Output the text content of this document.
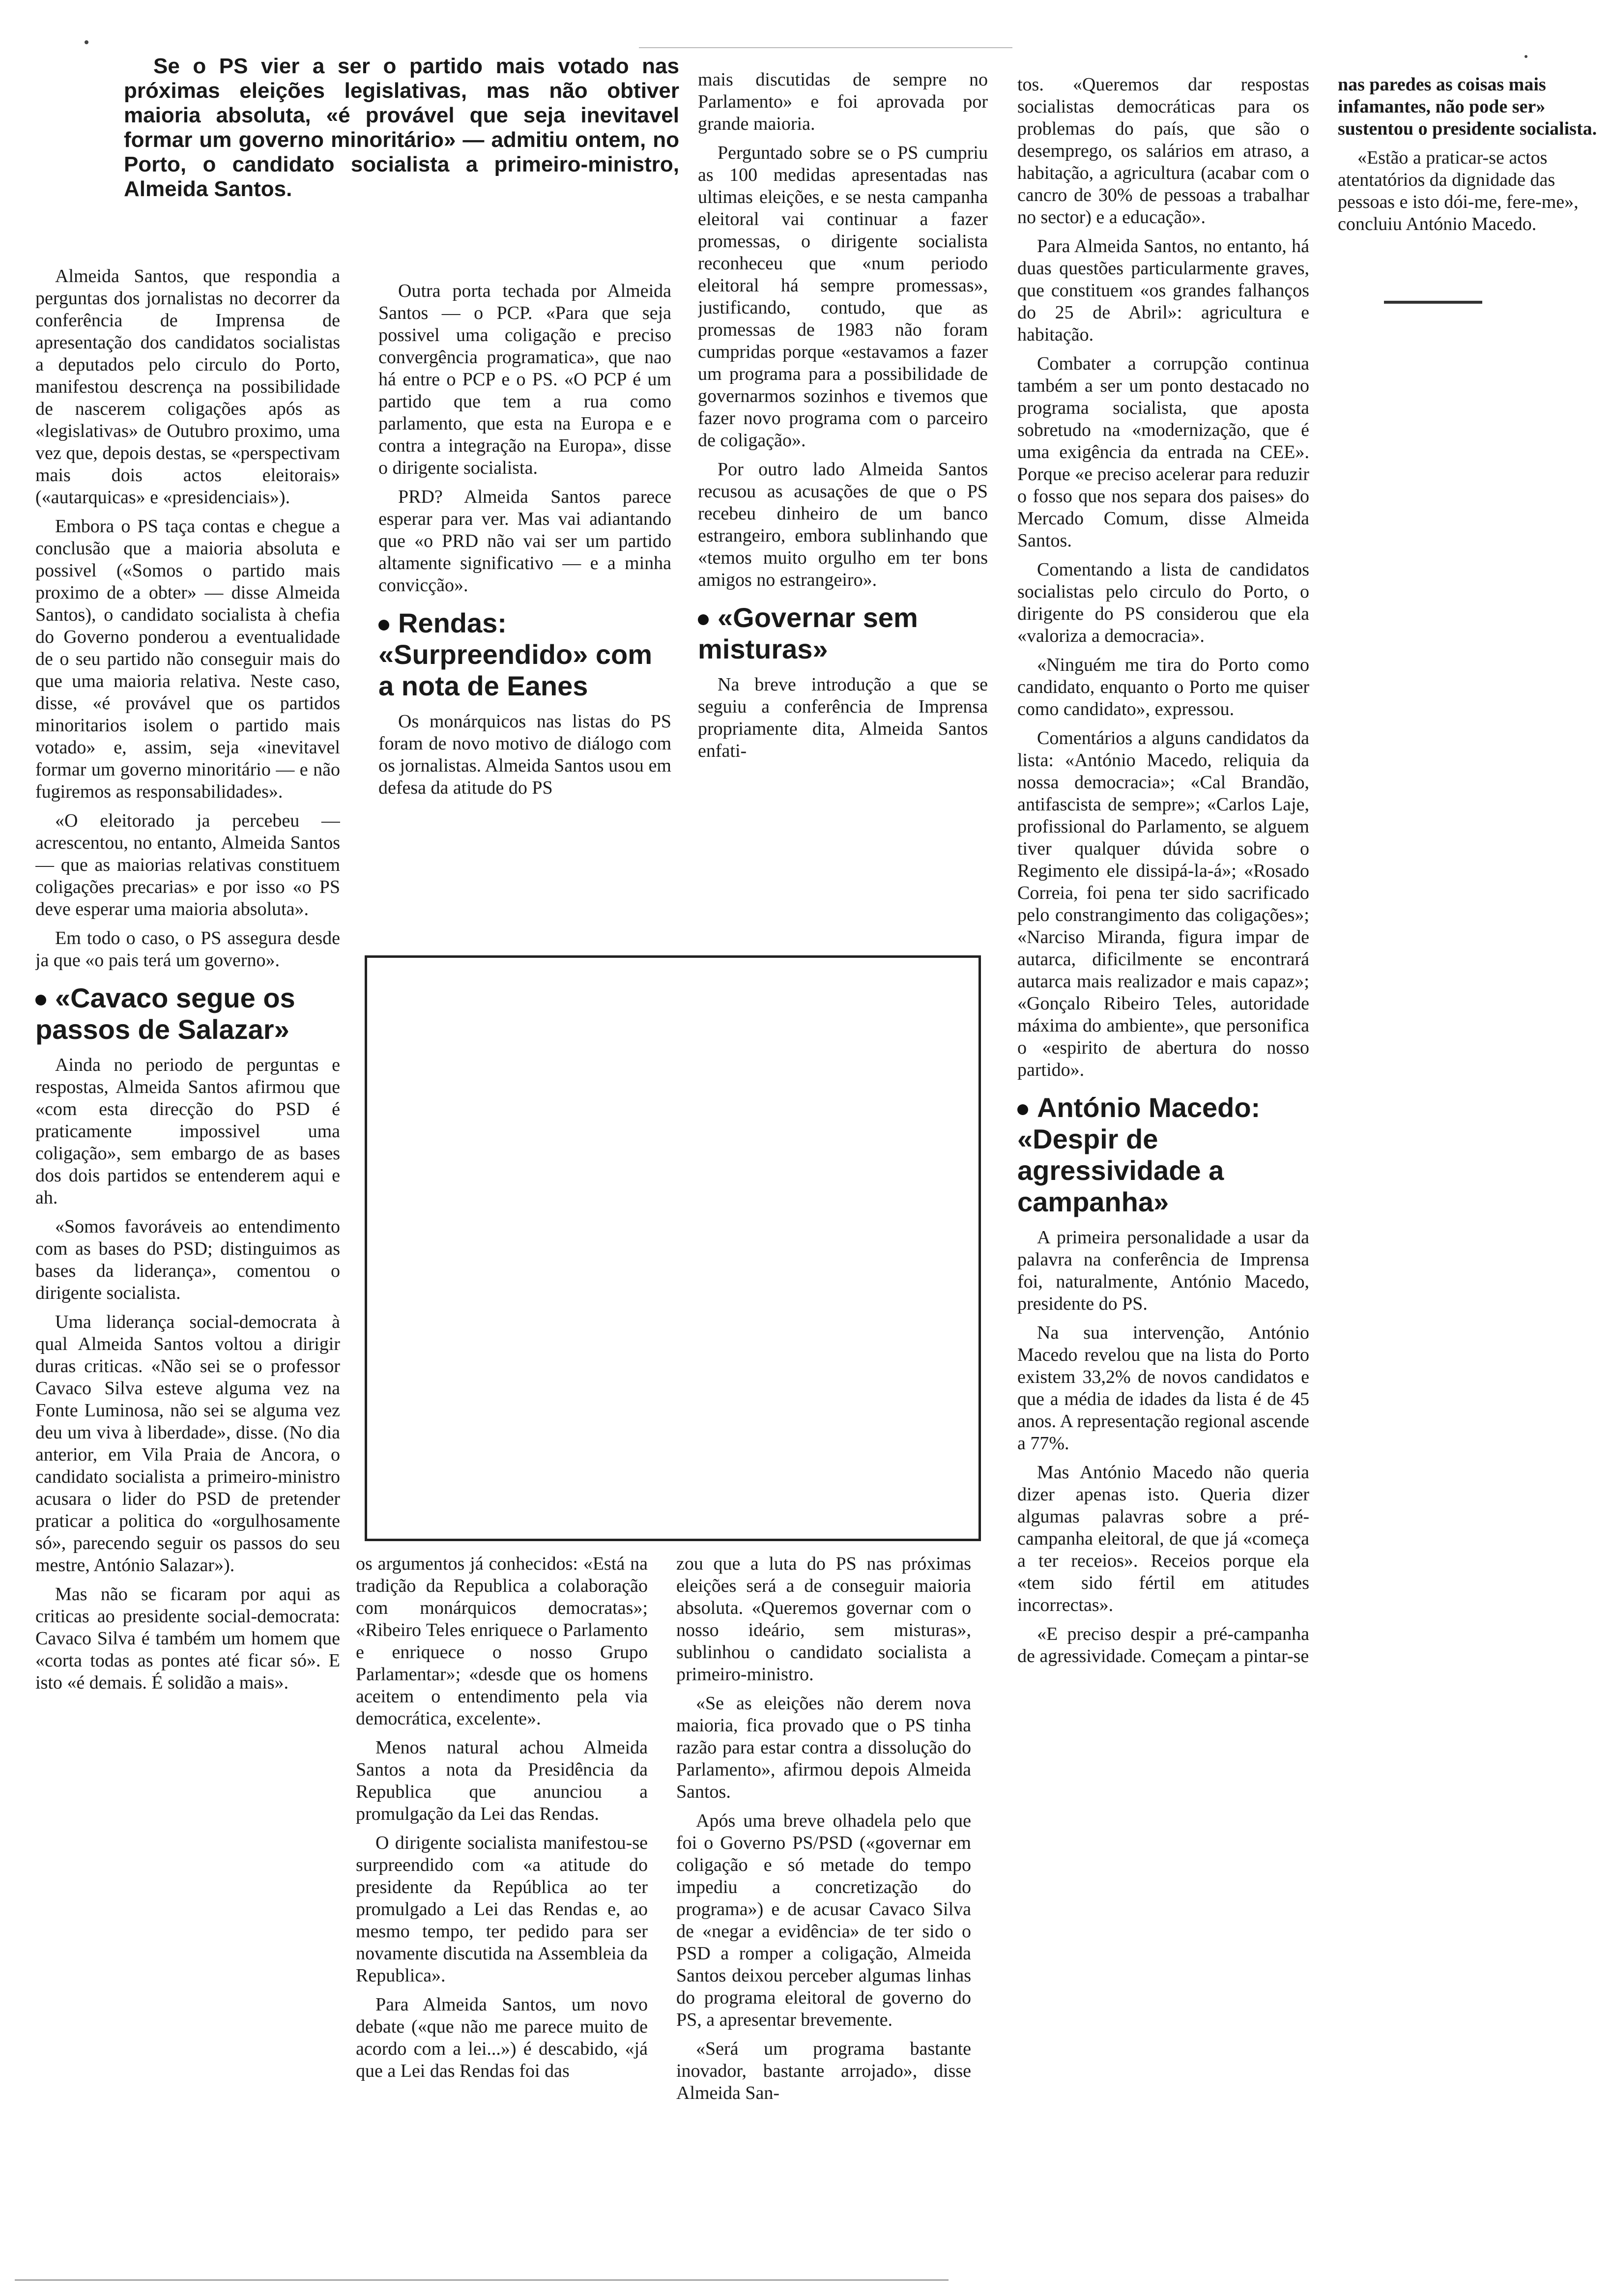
Se o PS vier a ser o partido mais votado nas próximas eleições legislativas, mas não obtiver maioria absoluta, «é provável que seja inevitavel formar um governo minoritário» — admitiu ontem, no Porto, o candidato socialista a primeiro-ministro, Almeida Santos.

Almeida Santos, que respondia a perguntas dos jornalistas no decorrer da conferência de Imprensa de apresentação dos candidatos socialistas a deputados pelo circulo do Porto, manifestou descrença na possibilidade de nascerem coligações após as «legislativas» de Outubro proximo, uma vez que, depois destas, se «perspectivam mais dois actos eleitorais» («autarquicas» e «presidenciais»).

Embora o PS taça contas e chegue a conclusão que a maioria absoluta e possivel («Somos o partido mais proximo de a obter» — disse Almeida Santos), o candidato socialista à chefia do Governo ponderou a eventualidade de o seu partido não conseguir mais do que uma maioria relativa. Neste caso, disse, «é provável que os partidos minoritarios isolem o partido mais votado» e, assim, seja «inevitavel formar um governo minoritário — e não fugiremos as responsabilidades».

«O eleitorado ja percebeu — acrescentou, no entanto, Almeida Santos — que as maiorias relativas constituem coligações precarias» e por isso «o PS deve esperar uma maioria absoluta».

Em todo o caso, o PS assegura desde ja que «o pais terá um governo».

«Cavaco segue os passos de Salazar»

Ainda no periodo de perguntas e respostas, Almeida Santos afirmou que «com esta direcção do PSD é praticamente impossivel uma coligação», sem embargo de as bases dos dois partidos se entenderem aqui e ah.

«Somos favoráveis ao entendimento com as bases do PSD; distinguimos as bases da liderança», comentou o dirigente socialista.

Uma liderança social-democrata à qual Almeida Santos voltou a dirigir duras criticas. «Não sei se o professor Cavaco Silva esteve alguma vez na Fonte Luminosa, não sei se alguma vez deu um viva à liberdade», disse. (No dia anterior, em Vila Praia de Ancora, o candidato socialista a primeiro-ministro acusara o lider do PSD de pretender praticar a politica do «orgulhosamente só», parecendo seguir os passos do seu mestre, António Salazar»).

Mas não se ficaram por aqui as criticas ao presidente social-democrata: Cavaco Silva é também um homem que «corta todas as pontes até ficar só». E isto «é demais. É solidão a mais».

Outra porta techada por Almeida Santos — o PCP. «Para que seja possivel uma coligação e preciso convergência programatica», que nao há entre o PCP e o PS. «O PCP é um partido que tem a rua como parlamento, que esta na Europa e e contra a integração na Europa», disse o dirigente socialista.

PRD? Almeida Santos parece esperar para ver. Mas vai adiantando que «o PRD não vai ser um partido altamente significativo — e a minha convicção».

Rendas: «Surpreendido» com a nota de Eanes

Os monárquicos nas listas do PS foram de novo motivo de diálogo com os jornalistas. Almeida Santos usou em defesa da atitude do PS

mais discutidas de sempre no Parlamento» e foi aprovada por grande maioria.

Perguntado sobre se o PS cumpriu as 100 medidas apresentadas nas ultimas eleições, e se nesta campanha eleitoral vai continuar a fazer promessas, o dirigente socialista reconheceu que «num periodo eleitoral há sempre promessas», justificando, contudo, que as promessas de 1983 não foram cumpridas porque «estavamos a fazer um programa para a possibilidade de governarmos sozinhos e tivemos que fazer novo programa com o parceiro de coligação».

Por outro lado Almeida Santos recusou as acusações de que o PS recebeu dinheiro de um banco estrangeiro, embora sublinhando que «temos muito orgulho em ter bons amigos no estrangeiro».

«Governar sem misturas»

Na breve introdução a que se seguiu a conferência de Imprensa propriamente dita, Almeida Santos enfati-

os argumentos já conhecidos: «Está na tradição da Republica a colaboração com monárquicos democratas»; «Ribeiro Teles enriquece o Parlamento e enriquece o nosso Grupo Parlamentar»; «desde que os homens aceitem o entendimento pela via democrática, excelente».

Menos natural achou Almeida Santos a nota da Presidência da Republica que anunciou a promulgação da Lei das Rendas.

O dirigente socialista manifestou-se surpreendido com «a atitude do presidente da República ao ter promulgado a Lei das Rendas e, ao mesmo tempo, ter pedido para ser novamente discutida na Assembleia da Republica».

Para Almeida Santos, um novo debate («que não me parece muito de acordo com a lei...») é descabido, «já que a Lei das Rendas foi das

zou que a luta do PS nas próximas eleições será a de conseguir maioria absoluta. «Queremos governar com o nosso ideário, sem misturas», sublinhou o candidato socialista a primeiro-ministro.

«Se as eleições não derem nova maioria, fica provado que o PS tinha razão para estar contra a dissolução do Parlamento», afirmou depois Almeida Santos.

Após uma breve olhadela pelo que foi o Governo PS/PSD («governar em coligação e só metade do tempo impediu a concretização do programa») e de acusar Cavaco Silva de «negar a evidência» de ter sido o PSD a romper a coligação, Almeida Santos deixou perceber algumas linhas do programa eleitoral de governo do PS, a apresentar brevemente.

«Será um programa bastante inovador, bastante arrojado», disse Almeida San-

tos. «Queremos dar respostas socialistas democráticas para os problemas do país, que são o desemprego, os salários em atraso, a habitação, a agricultura (acabar com o cancro de 30% de pessoas a trabalhar no sector) e a educação».

Para Almeida Santos, no entanto, há duas questões particularmente graves, que constituem «os grandes falhanços do 25 de Abril»: agricultura e habitação.

Combater a corrupção continua também a ser um ponto destacado no programa socialista, que aposta sobretudo na «modernização, que é uma exigência da entrada na CEE». Porque «e preciso acelerar para reduzir o fosso que nos separa dos paises» do Mercado Comum, disse Almeida Santos.

Comentando a lista de candidatos socialistas pelo circulo do Porto, o dirigente do PS considerou que ela «valoriza a democracia».

«Ninguém me tira do Porto como candidato, enquanto o Porto me quiser como candidato», expressou.

Comentários a alguns candidatos da lista: «António Macedo, reliquia da nossa democracia»; «Cal Brandão, antifascista de sempre»; «Carlos Laje, profissional do Parlamento, se alguem tiver qualquer dúvida sobre o Regimento ele dissipá-la-á»; «Rosado Correia, foi pena ter sido sacrificado pelo constrangimento das coligações»; «Narciso Miranda, figura impar de autarca, dificilmente se encontrará autarca mais realizador e mais capaz»; «Gonçalo Ribeiro Teles, autoridade máxima do ambiente», que personifica o «espirito de abertura do nosso partido».

António Macedo: «Despir de agressividade a campanha»

A primeira personalidade a usar da palavra na conferência de Imprensa foi, naturalmente, António Macedo, presidente do PS.

Na sua intervenção, António Macedo revelou que na lista do Porto existem 33,2% de novos candidatos e que a média de idades da lista é de 45 anos. A representação regional ascende a 77%.

Mas António Macedo não queria dizer apenas isto. Queria dizer algumas palavras sobre a pré-campanha eleitoral, de que já «começa a ter receios». Receios porque ela «tem sido fértil em atitudes incorrectas».

«E preciso despir a pré-campanha de agressividade. Começam a pintar-se

nas paredes as coisas mais infamantes, não pode ser» sustentou o presidente socialista.

«Estão a praticar-se actos atentatórios da dignidade das pessoas e isto dói-me, fere-me», concluiu António Macedo.
